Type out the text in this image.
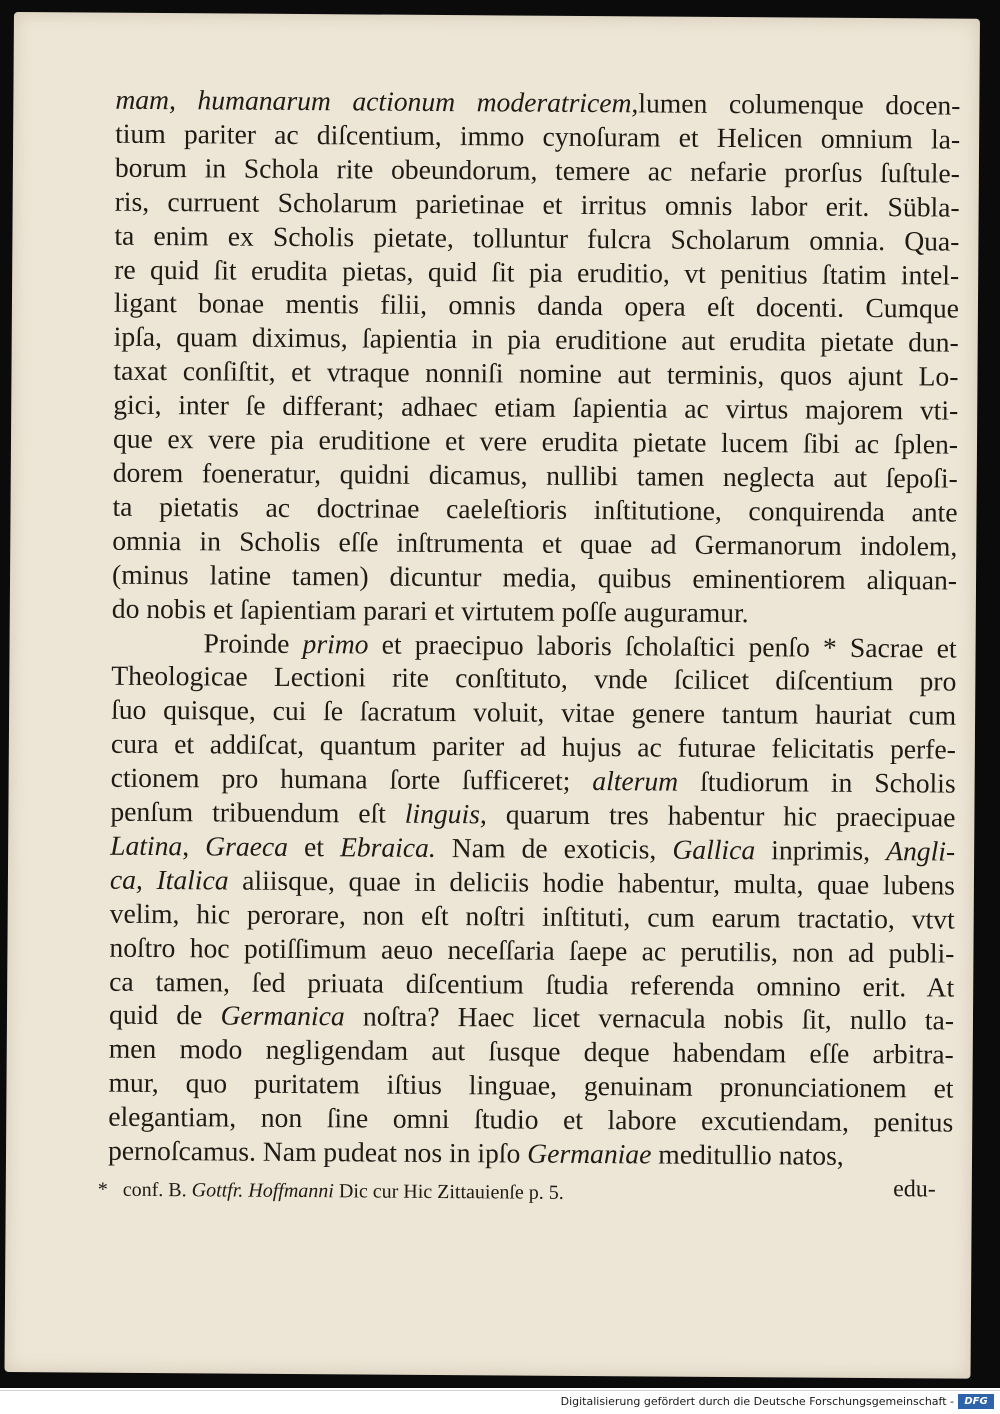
mam, humanarum actionum moderatricem,lumen columenque docen-
tium pariter ac diſcentium, immo cynoſuram et Helicen omnium la-
borum in Schola rite obeundorum, temere ac nefarie prorſus ſuſtule-
ris, curruent Scholarum parietinae et irritus omnis labor erit. Sübla-
ta enim ex Scholis pietate, tolluntur fulcra Scholarum omnia. Qua-
re quid ſit erudita pietas, quid ſit pia eruditio, vt penitius ſtatim intel-
ligant bonae mentis filii, omnis danda opera eſt docenti. Cumque
ipſa, quam diximus, ſapientia in pia eruditione aut erudita pietate dun-
taxat conſiſtit, et vtraque nonniſi nomine aut terminis, quos ajunt Lo-
gici, inter ſe differant; adhaec etiam ſapientia ac virtus majorem vti-
que ex vere pia eruditione et vere erudita pietate lucem ſibi ac ſplen-
dorem foeneratur, quidni dicamus, nullibi tamen neglecta aut ſepoſi-
ta pietatis ac doctrinae caeleſtioris inſtitutione, conquirenda ante
omnia in Scholis eſſe inſtrumenta et quae ad Germanorum indolem,
(minus latine tamen) dicuntur media, quibus eminentiorem aliquan-
do nobis et ſapientiam parari et virtutem poſſe auguramur.
Proinde primo et praecipuo laboris ſcholaſtici penſo * Sacrae et
Theologicae Lectioni rite conſtituto, vnde ſcilicet diſcentium pro
ſuo quisque, cui ſe ſacratum voluit, vitae genere tantum hauriat cum
cura et addiſcat, quantum pariter ad hujus ac futurae felicitatis perfe-
ctionem pro humana ſorte ſufficeret; alterum ſtudiorum in Scholis
penſum tribuendum eſt linguis, quarum tres habentur hic praecipuae
Latina, Graeca et Ebraica. Nam de exoticis, Gallica inprimis, Angli-
ca, Italica aliisque, quae in deliciis hodie habentur, multa, quae lubens
velim, hic perorare, non eſt noſtri inſtituti, cum earum tractatio, vtvt
noſtro hoc potiſſimum aeuo neceſſaria ſaepe ac perutilis, non ad publi-
ca tamen, ſed priuata diſcentium ſtudia referenda omnino erit. At
quid de Germanica noſtra? Haec licet vernacula nobis ſit, nullo ta-
men modo negligendam aut ſusque deque habendam eſſe arbitra-
mur, quo puritatem iſtius linguae, genuinam pronunciationem et
elegantiam, non ſine omni ſtudio et labore excutiendam, penitus
pernoſcamus. Nam pudeat nos in ipſo Germaniae meditullio natos,
* conf. B. Gottfr. Hoffmanni Dic cur Hic Zittauienſe p. 5.	edu-
Digitalisierung gefördert durch die Deutsche Forschungsgemeinschaft -	DFG
